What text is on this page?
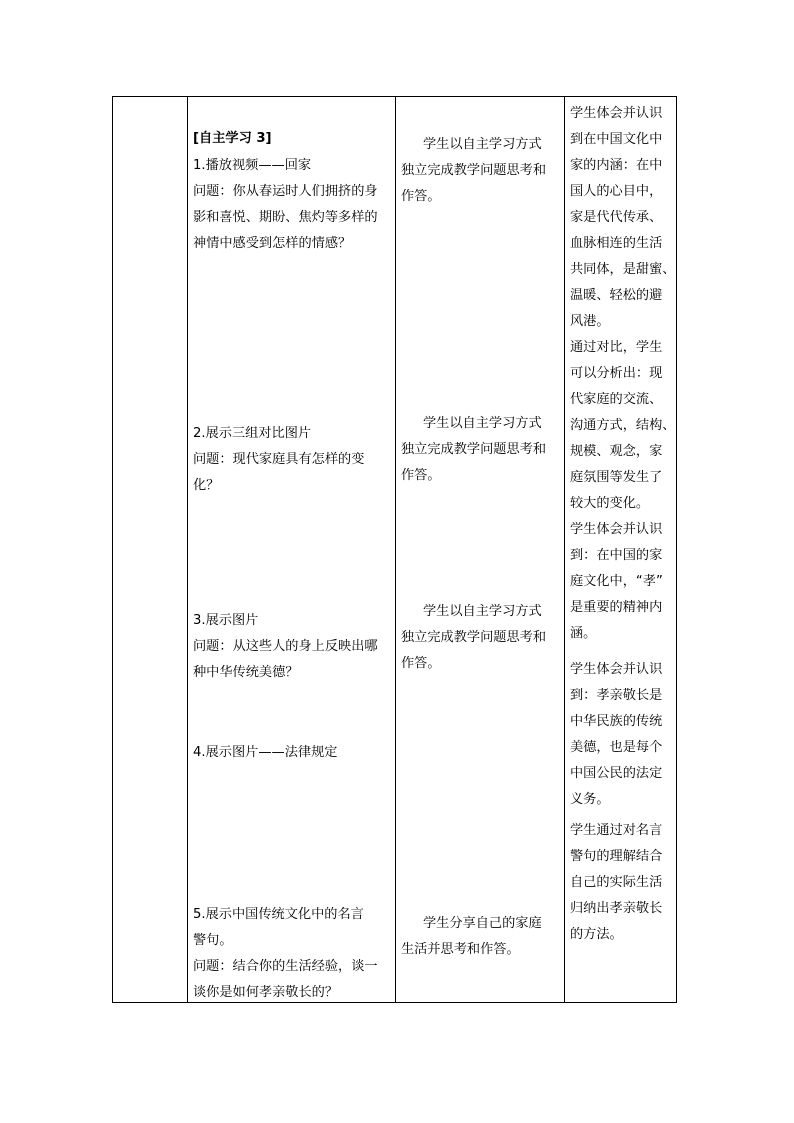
[自主学习 3]
1.播放视频——回家
问题：你从春运时人们拥挤的身
影和喜悦、期盼、焦灼等多样的
神情中感受到怎样的情感？
2.展示三组对比图片
问题：现代家庭具有怎样的变
化？
3.展示图片
问题：从这些人的身上反映出哪
种中华传统美德？
4.展示图片——法律规定
5.展示中国传统文化中的名言
警句。
问题：结合你的生活经验，谈一
谈你是如何孝亲敬长的？
学生以自主学习方式
独立完成教学问题思考和
作答。
学生以自主学习方式
独立完成教学问题思考和
作答。
学生以自主学习方式
独立完成教学问题思考和
作答。
学生分享自己的家庭
生活并思考和作答。
学生体会并认识
到在中国文化中
家的内涵：在中
国人的心目中，
家是代代传承、
血脉相连的生活
共同体，是甜蜜、
温暖、轻松的避
风港。
通过对比，学生
可以分析出：现
代家庭的交流、
沟通方式，结构、
规模、观念，家
庭氛围等发生了
较大的变化。
学生体会并认识
到：在中国的家
庭文化中，“孝”
是重要的精神内
涵。
学生体会并认识
到：孝亲敬长是
中华民族的传统
美德，也是每个
中国公民的法定
义务。
学生通过对名言
警句的理解结合
自己的实际生活
归纳出孝亲敬长
的方法。
